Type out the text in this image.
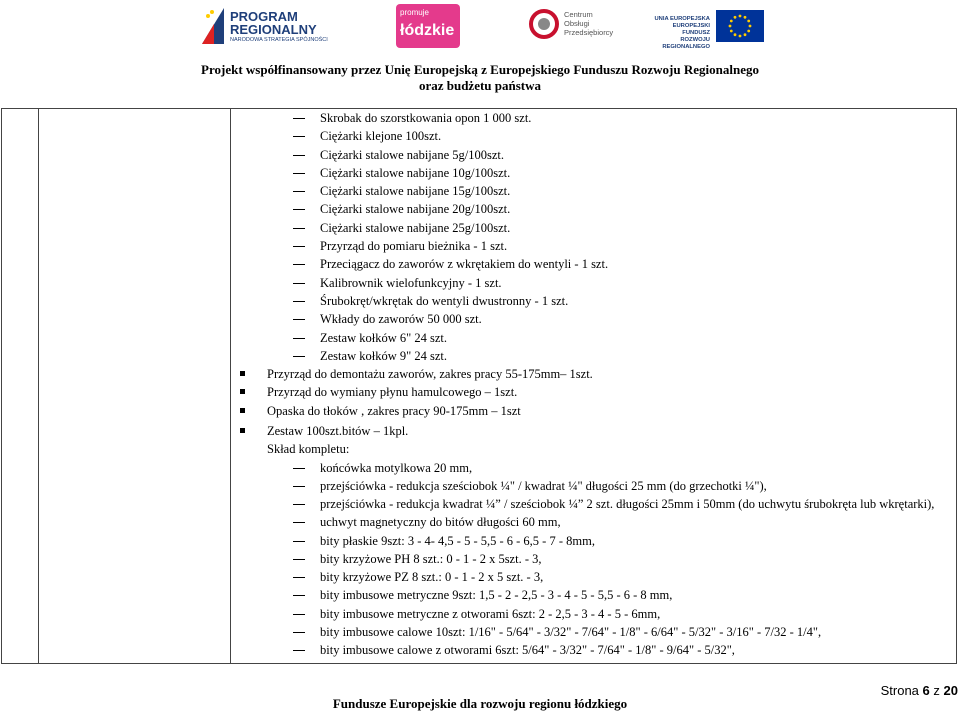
PROGRAM
REGIONALNY
NARODOWA STRATEGIA SPÓJNOŚCI
promuje
łódzkie
Centrum
Obsługi
Przedsiębiorcy
UNIA EUROPEJSKA
EUROPEJSKI FUNDUSZ
ROZWOJU REGIONALNEGO
Projekt współfinansowany przez Unię Europejską z Europejskiego Funduszu Rozwoju Regionalnego
oraz budżetu państwa
Skrobak do szorstkowania opon 1 000 szt.
Ciężarki klejone 100szt.
Ciężarki stalowe nabijane 5g/100szt.
Ciężarki stalowe nabijane 10g/100szt.
Ciężarki stalowe nabijane 15g/100szt.
Ciężarki stalowe nabijane 20g/100szt.
Ciężarki stalowe nabijane 25g/100szt.
Przyrząd do pomiaru bieżnika - 1 szt.
Przeciągacz do zaworów z wkrętakiem do wentyli - 1 szt.
Kalibrownik wielofunkcyjny - 1 szt.
Śrubokręt/wkrętak do wentyli dwustronny - 1 szt.
Wkłady do zaworów 50 000 szt.
Zestaw kołków 6" 24 szt.
Zestaw kołków 9" 24 szt.
Przyrząd do demontażu zaworów, zakres pracy 55-175mm– 1szt.
Przyrząd do wymiany płynu hamulcowego – 1szt.
Opaska do tłoków , zakres pracy 90-175mm – 1szt
Zestaw 100szt.bitów – 1kpl.
Skład kompletu:
końcówka motylkowa 20 mm,
przejściówka - redukcja sześciobok ¼" / kwadrat ¼" długości 25 mm (do grzechotki ¼"),
przejściówka - redukcja kwadrat ¼” / sześciobok ¼” 2 szt. długości 25mm i 50mm (do uchwytu śrubokręta lub wkrętarki),
uchwyt magnetyczny do bitów długości 60 mm,
bity płaskie 9szt: 3 - 4- 4,5 - 5 - 5,5 - 6 - 6,5 - 7 - 8mm,
bity krzyżowe PH 8 szt.: 0 - 1 - 2 x 5szt. - 3,
bity krzyżowe PZ 8 szt.: 0 - 1 - 2 x 5 szt. - 3,
bity imbusowe metryczne 9szt: 1,5 - 2 - 2,5 - 3 - 4 - 5 - 5,5 - 6 - 8 mm,
bity imbusowe metryczne z otworami 6szt: 2 - 2,5 - 3 - 4 - 5 - 6mm,
bity imbusowe calowe 10szt: 1/16" - 5/64" - 3/32" - 7/64" - 1/8" - 6/64" - 5/32" - 3/16" - 7/32 - 1/4",
bity imbusowe calowe z otworami 6szt: 5/64" - 3/32" - 7/64" - 1/8" - 9/64" - 5/32",
Fundusze Europejskie dla rozwoju regionu łódzkiego
Strona 6 z 20
